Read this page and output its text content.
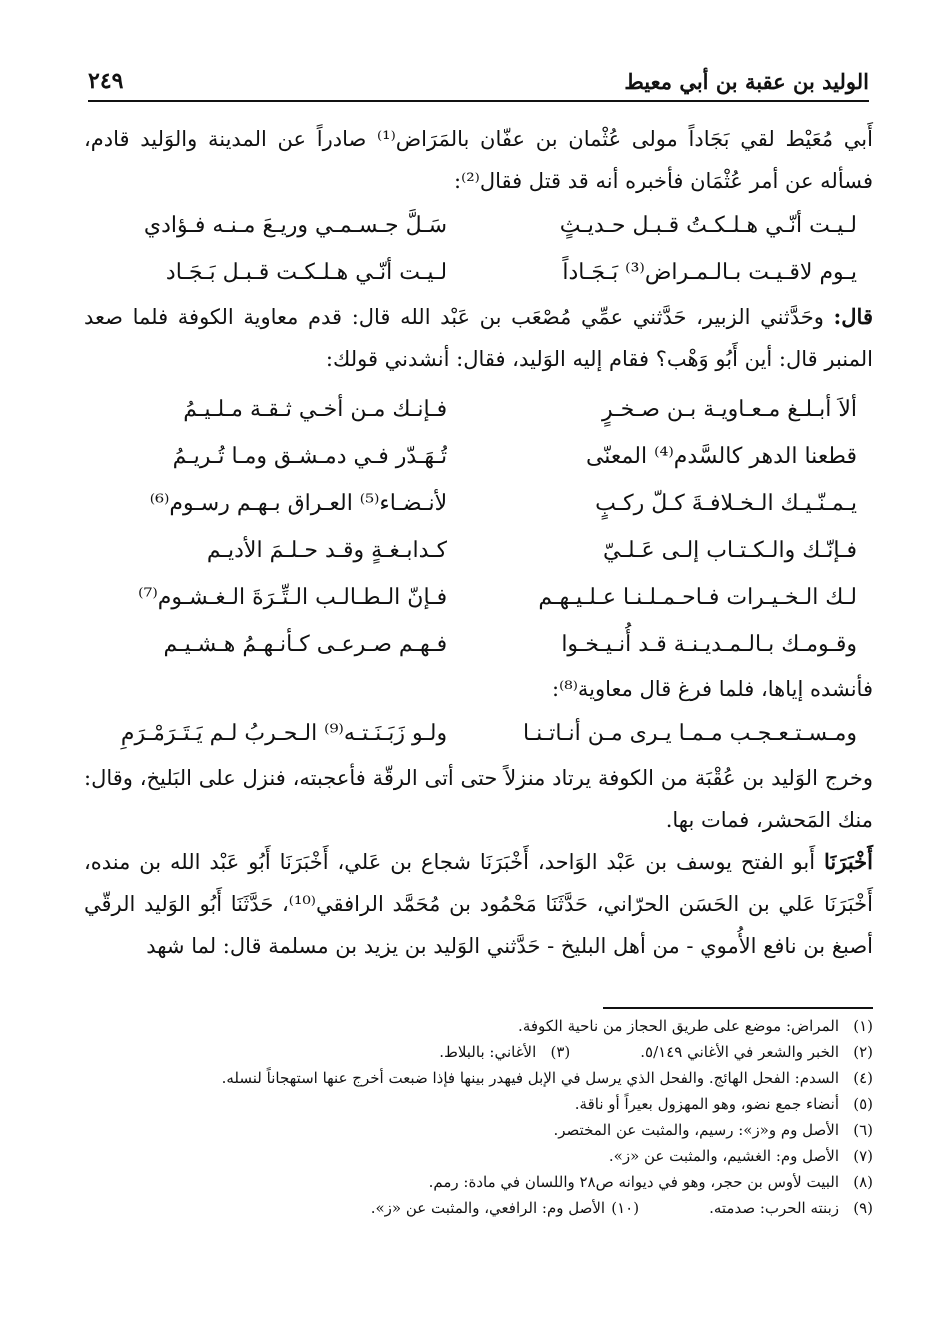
الوليد بن عقبة بن أبي معيط
٢٤٩

أَبي مُعَيْط لقي بَجَاداً مولى عُثْمان بن عفّان بالمَرَاض⁽¹⁾ صادراً عن المدينة والوَليد قادم، فسأله عن أمر عُثْمَان فأخبره أنه قد قتل فقال⁽²⁾:

لـيـت أنّـي هـلـكـتُ قـبـل حـديـثٍ
سَـلَّ جـسـمـي وريـعَ مـنـه فـؤادي
يـوم لاقـيـت بـالـمـراض⁽³⁾ بَـجَـاداً
لـيـت أنّـي هـلـكـت قـبـل بَـجَـاد

قال: وحَدَّثني الزبير، حَدَّثني عمِّي مُصْعَب بن عَبْد الله قال: قدم معاوية الكوفة فلما صعد المنبر قال: أين أَبُو وَهْب؟ فقام إليه الوَليد، فقال: أنشدني قولك:

ألاَ أبـلـغ مـعـاويـة بـن صـخـرٍ
فـإنـك مـن أخـي ثـقـة مـلـيـمُ
قطعنا الدهر كالسَّدم⁽⁴⁾ المعنّى
تُـهَـدّر فـي دمـشـق ومـا تُـريـمُ
يـمـنّـيـك الـخـلافـةَ كـلّ ركـبٍ
لأنـضـاء⁽⁵⁾ العـراق بـهـم رسـوم⁽⁶⁾
فـإنّـك والـكـتـاب إلـى عَـلـيّ
كـدابـغـةٍ وقـد حـلـمَ الأديـم
لـك الـخـيـرات فـاحـمـلـنـا عـلـيـهـم
فـإنّ الـطـالـب الـتِّـرَةَ الـغـشـوم⁽⁷⁾
وقـومـك بـالـمـديـنـة قـد أُنـيـخـوا
فـهـم صـرعـى كـأنـهـمُ هـشـيـم

فأنشده إياها، فلما فرغ قال معاوية⁽⁸⁾:

ومـسـتـعـجـب مـمـا يـرى مـن أنـاتـنـا
ولـو زَبَـنَـتـه⁽⁹⁾ الـحـربُ لـم يَـتَـرَمْـرَمِ

وخرج الوَليد بن عُقْبَة من الكوفة يرتاد منزلاً حتى أتى الرقّة فأعجبته، فنزل على البَليخ، وقال: منك المَحشر، فمات بها.

أَخْبَرَنَا أَبو الفتح يوسف بن عَبْد الوَاحد، أَخْبَرَنَا شجاع بن عَلي، أَخْبَرَنَا أَبُو عَبْد الله بن منده، أَخْبَرَنَا عَلي بن الحَسَن الحرّاني، حَدَّثَنَا مَحْمُود بن مُحَمَّد الرافقي⁽¹⁰⁾، حَدَّثَنَا أَبُو الوَليد الرقّي أصبغ بن نافع الأُموي - من أهل البليخ - حَدَّثني الوَليد بن يزيد بن مسلمة قال: لما شهد

(١)المراض: موضع على طريق الحجاز من ناحية الكوفة.
(٢)الخبر والشعر في الأغاني ٥/١٤٩.(٣)الأغاني: بالبلاط.
(٤)السدم: الفحل الهائج. والفحل الذي يرسل في الإبل فيهدر بينها فإذا ضبعت أخرج عنها استهجاناً لنسله.
(٥)أنضاء جمع نضو، وهو المهزول بعيراً أو ناقة.
(٦)الأصل وم و«ز»: رسيم، والمثبت عن المختصر.
(٧)الأصل وم: الغشيم، والمثبت عن «ز».
(٨)البيت لأوس بن حجر، وهو في ديوانه ص٢٨ واللسان في مادة: رمم.
(٩)زبنته الحرب: صدمته.(١٠)الأصل وم: الرافعي، والمثبت عن «ز».
